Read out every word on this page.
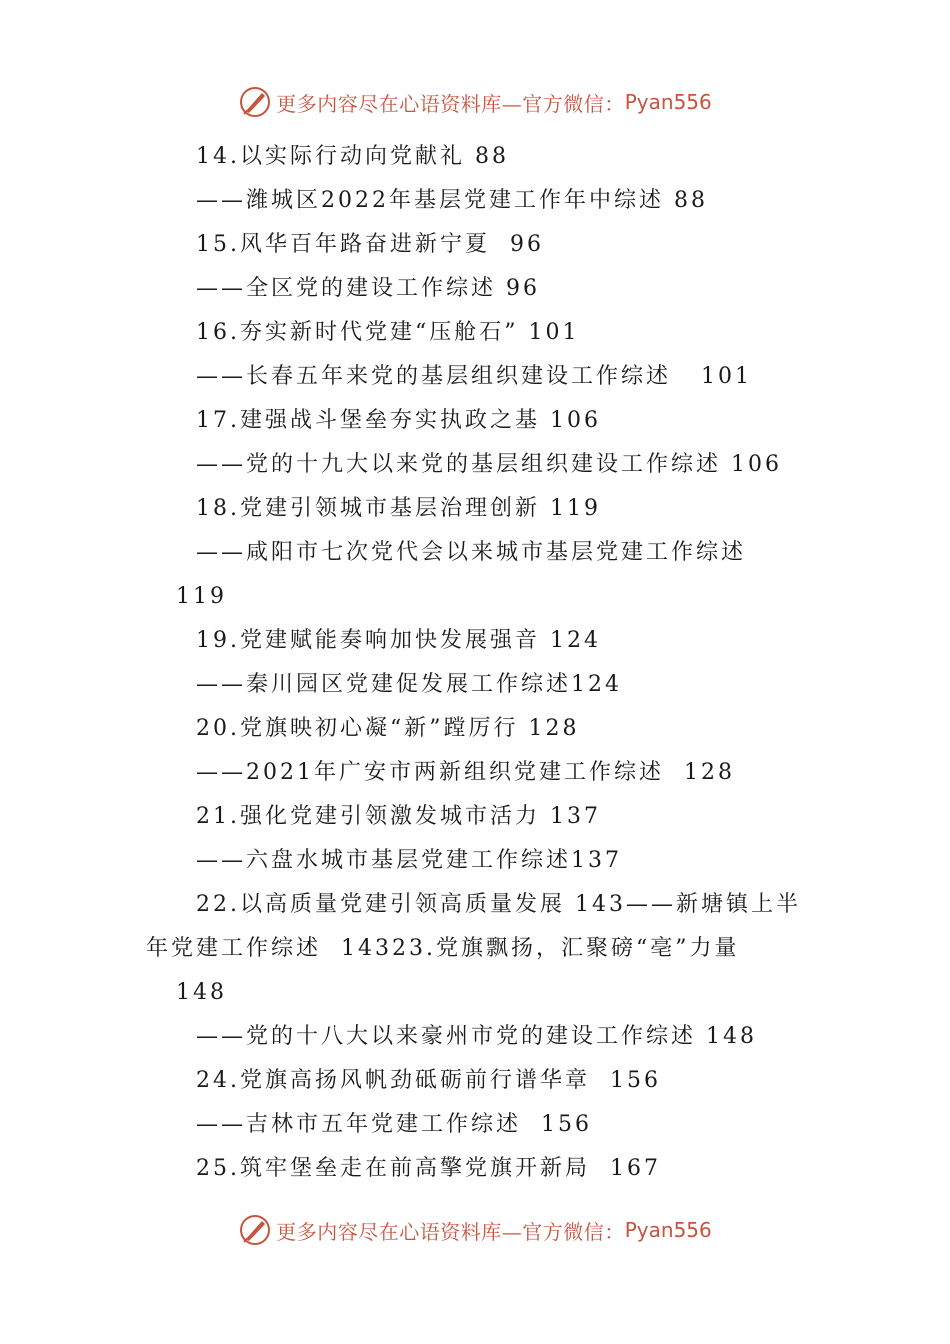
更多内容尽在心语资料库—官方微信： Pyan556
14.以实际行动向党献礼 88
——潍城区2022年基层党建工作年中综述 88
15.风华百年路奋进新宁夏  96
——全区党的建设工作综述 96
16.夯实新时代党建“压舱石” 101
——长春五年来党的基层组织建设工作综述   101
17.建强战斗堡垒夯实执政之基 106
——党的十九大以来党的基层组织建设工作综述 106
18.党建引领城市基层治理创新 119
——咸阳市七次党代会以来城市基层党建工作综述
119
19.党建赋能奏响加快发展强音 124
——秦川园区党建促发展工作综述124
20.党旗映初心凝“新”蹚厉行 128
——2021年广安市两新组织党建工作综述  128
21.强化党建引领激发城市活力 137
——六盘水城市基层党建工作综述137
22.以高质量党建引领高质量发展 143——新塘镇上半
年党建工作综述  14323.党旗飘扬，汇聚磅“亳”力量
148
——党的十八大以来豪州市党的建设工作综述 148
24.党旗高扬风帆劲砥砺前行谱华章  156
——吉林市五年党建工作综述  156
25.筑牢堡垒走在前高擎党旗开新局  167
更多内容尽在心语资料库—官方微信： Pyan556
